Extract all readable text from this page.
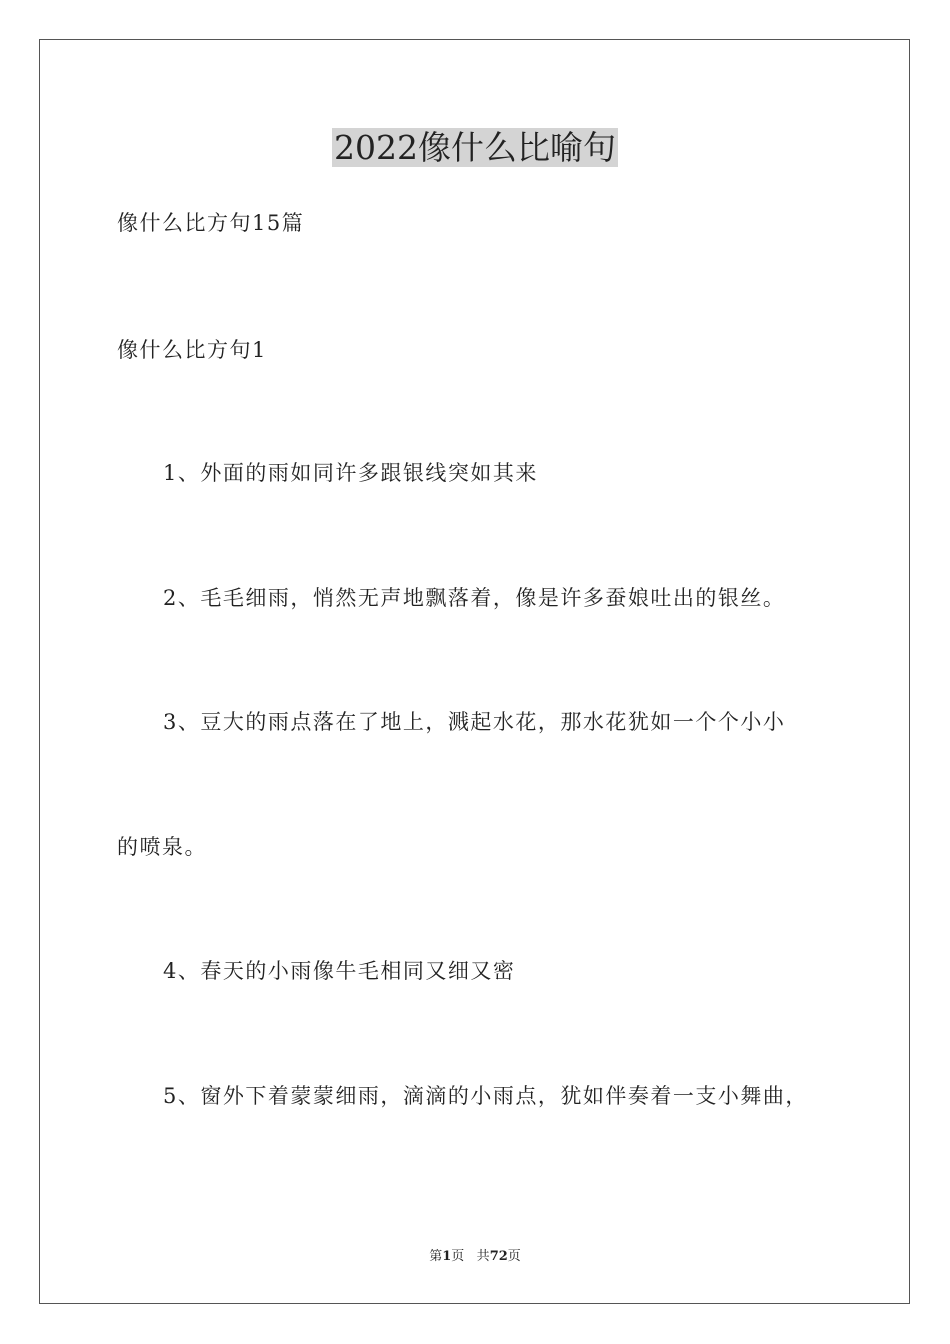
2022像什么比喻句
像什么比方句15篇
像什么比方句1
1、外面的雨如同许多跟银线突如其来
2、毛毛细雨，悄然无声地飘落着，像是许多蚕娘吐出的银丝。
3、豆大的雨点落在了地上，溅起水花，那水花犹如一个个小小
的喷泉。
4、春天的小雨像牛毛相同又细又密
5、窗外下着蒙蒙细雨，滴滴的小雨点，犹如伴奏着一支小舞曲，
第1页 共72页
